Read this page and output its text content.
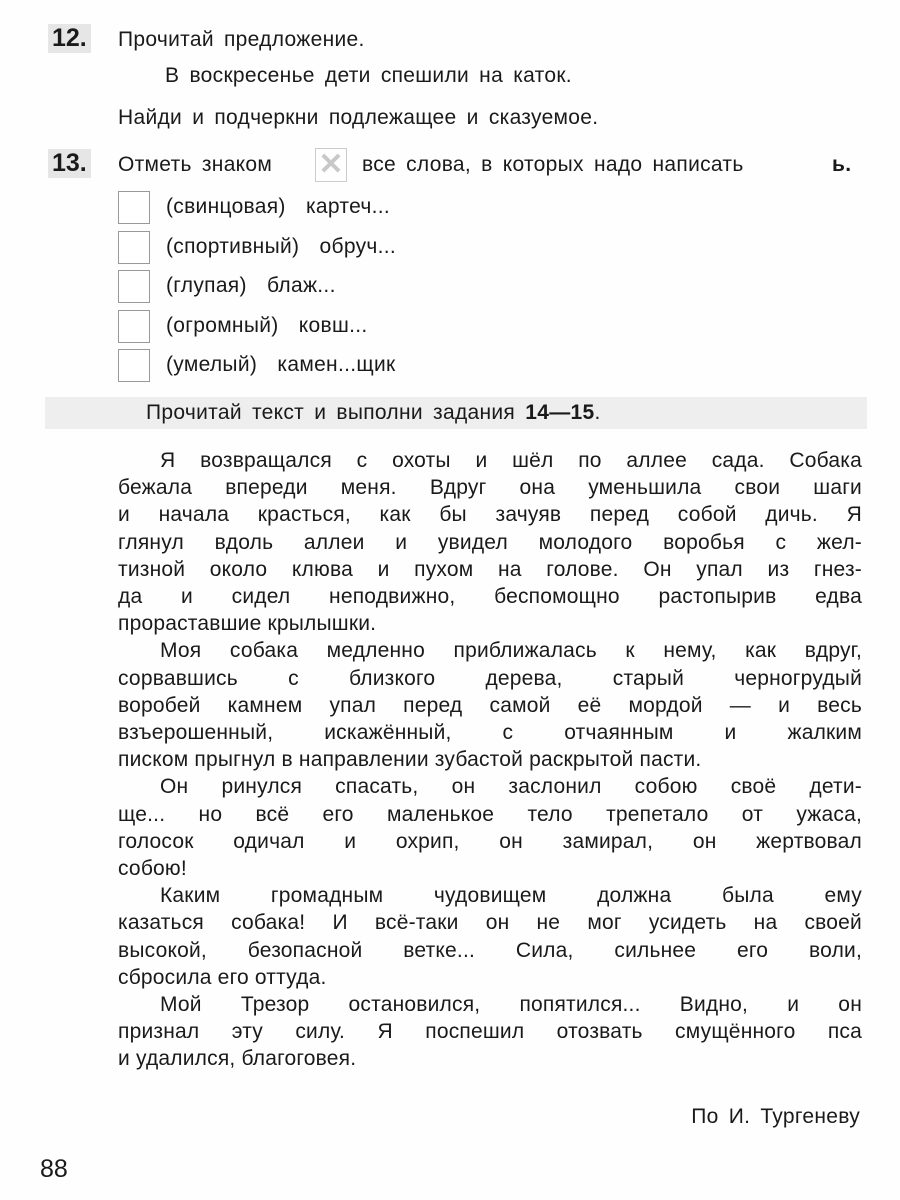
12. Прочитай предложение.
В воскресенье дети спешили на каток.
Найди и подчеркни подлежащее и сказуемое.
13. Отметь знаком ✕ все слова, в которых надо написать	ь.
(свинцовая)  картеч...
(спортивный)  обруч...
(глупая)  блаж...
(огромный)  ковш...
(умелый)  камен...щик
Прочитай текст и выполни задания 14—15.
Я возвращался с охоты и шёл по аллее сада. Собака
бежала впереди меня. Вдруг она уменьшила свои шаги
и начала красться, как бы зачуяв перед собой дичь. Я
глянул вдоль аллеи и увидел молодого воробья с жел-
тизной около клюва и пухом на голове. Он упал из гнез-
да и сидел неподвижно, беспомощно растопырив едва
прораставшие крылышки.
Моя собака медленно приближалась к нему, как вдруг,
сорвавшись с близкого дерева, старый черногрудый
воробей камнем упал перед самой её мордой — и весь
взъерошенный, искажённый, с отчаянным и жалким
писком прыгнул в направлении зубастой раскрытой пасти.
Он ринулся спасать, он заслонил собою своё дети-
ще... но всё его маленькое тело трепетало от ужаса,
голосок одичал и охрип, он замирал, он жертвовал
собою!
Каким громадным чудовищем должна была ему
казаться собака! И всё-таки он не мог усидеть на своей
высокой, безопасной ветке... Сила, сильнее его воли,
сбросила его оттуда.
Мой Трезор остановился, попятился... Видно, и он
признал эту силу. Я поспешил отозвать смущённого пса
и удалился, благоговея.
По И. Тургеневу
88
